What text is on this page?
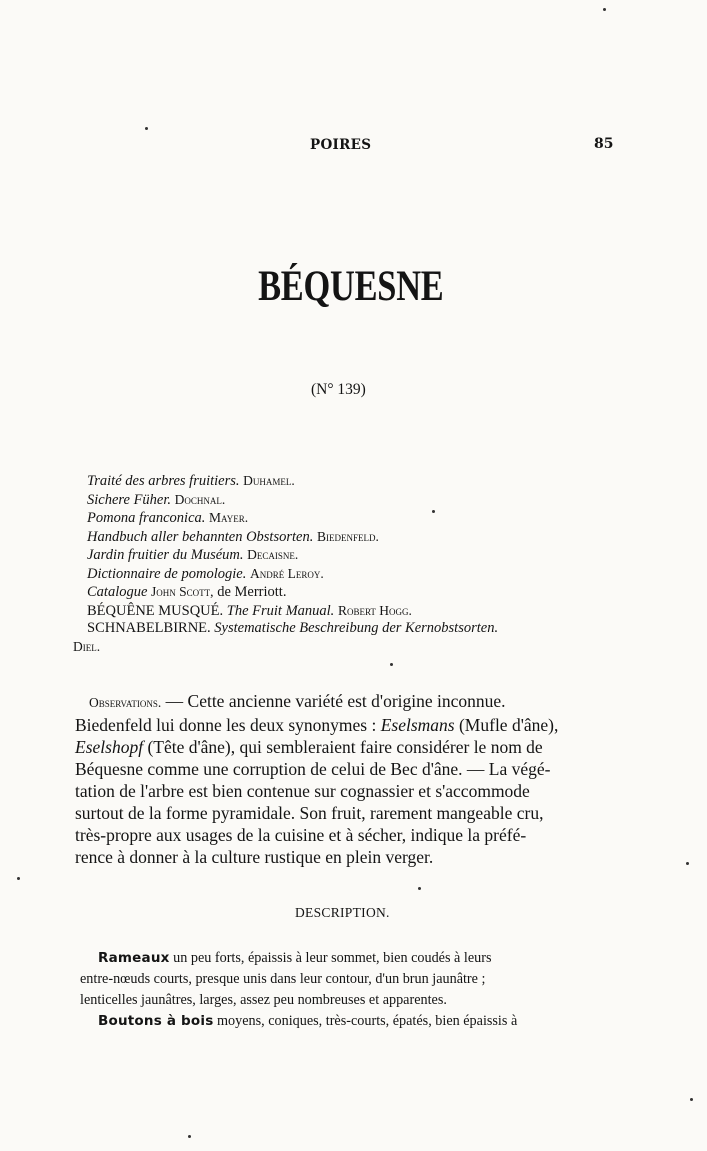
POIRES	85
BÉQUESNE
(N° 139)
Traité des arbres fruitiers. Duhamel.
Sichere Füher. Dochnal.
Pomona franconica. Mayer.
Handbuch aller behannten Obstsorten. Biedenfeld.
Jardin fruitier du Muséum. Decaisne.
Dictionnaire de pomologie. André Leroy.
Catalogue John Scott, de Merriott.
BÉQUÊNE MUSQUÉ. The Fruit Manual. Robert Hogg.
SCHNABELBIRNE. Systematische Beschreibung der Kernobstsorten.
Diel.
Observations. — Cette ancienne variété est d'origine inconnue.
Biedenfeld lui donne les deux synonymes : Eselsmans (Mufle d'âne),
Eselshopf (Tête d'âne), qui sembleraient faire considérer le nom de
Béquesne comme une corruption de celui de Bec d'âne. — La végé-
tation de l'arbre est bien contenue sur cognassier et s'accommode
surtout de la forme pyramidale. Son fruit, rarement mangeable cru,
très-propre aux usages de la cuisine et à sécher, indique la préfé-
rence à donner à la culture rustique en plein verger.
DESCRIPTION.
Rameaux un peu forts, épaissis à leur sommet, bien coudés à leurs
entre-nœuds courts, presque unis dans leur contour, d'un brun jaunâtre ;
lenticelles jaunâtres, larges, assez peu nombreuses et apparentes.
Boutons à bois moyens, coniques, très-courts, épatés, bien épaissis à
